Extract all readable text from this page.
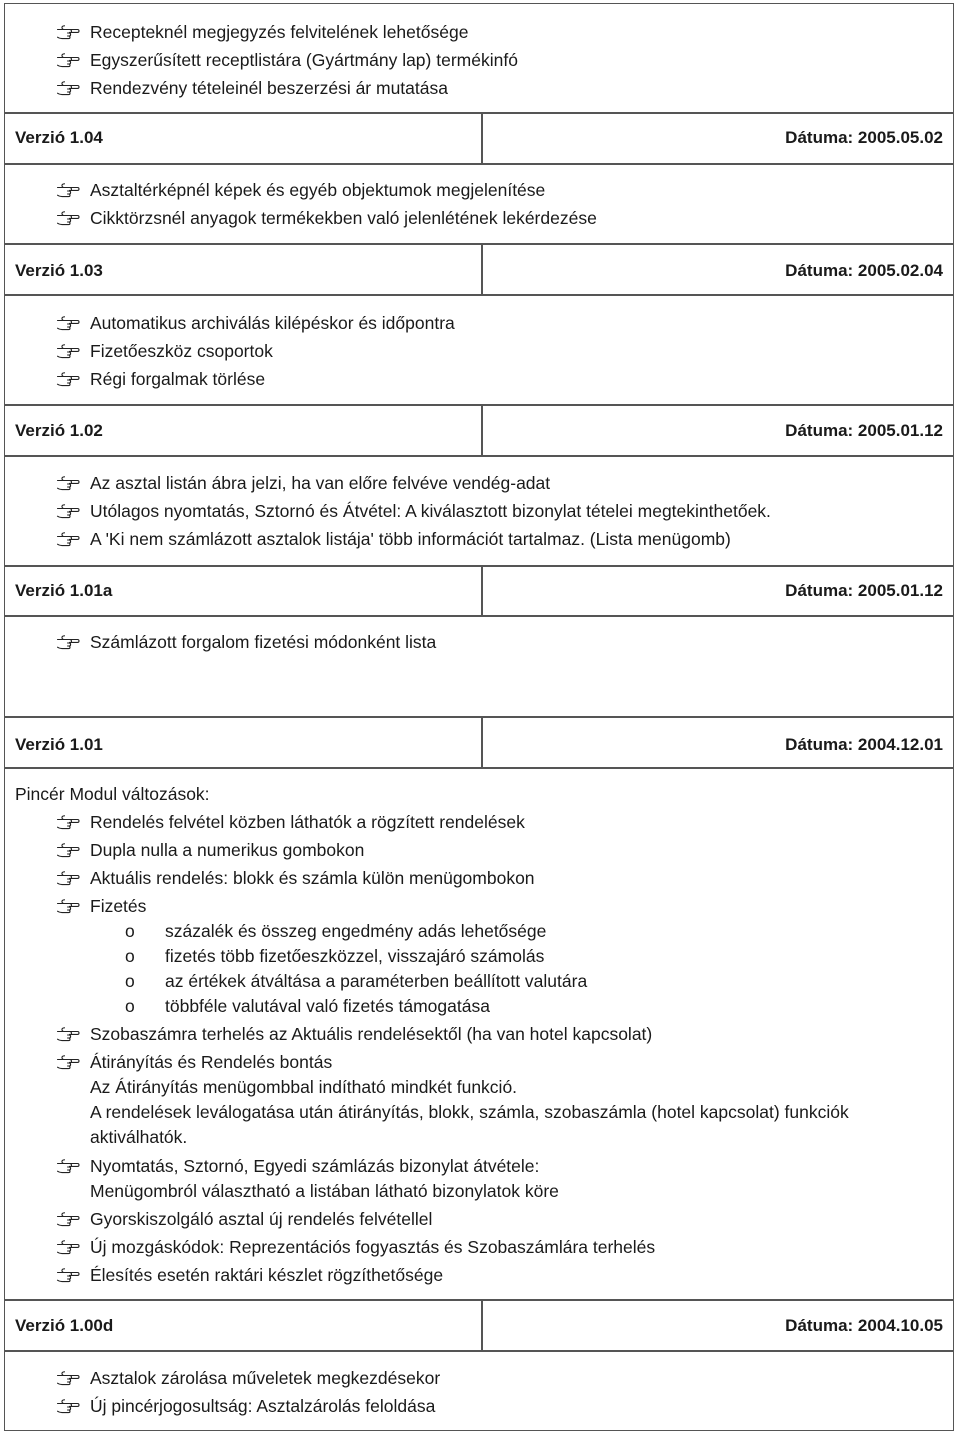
Recepteknél megjegyzés felvitelének lehetősége
Egyszerűsített receptlistára (Gyártmány lap) termékinfó
Rendezvény tételeinél beszerzési ár mutatása
Verzió 1.04	Dátuma: 2005.05.02
Asztaltérképnél képek és egyéb objektumok megjelenítése
Cikktörzsnél anyagok termékekben való jelenlétének lekérdezése
Verzió 1.03	Dátuma: 2005.02.04
Automatikus archiválás kilépéskor és időpontra
Fizetőeszköz csoportok
Régi forgalmak törlése
Verzió 1.02	Dátuma: 2005.01.12
Az asztal listán ábra jelzi, ha van előre felvéve vendég-adat
Utólagos nyomtatás, Sztornó és Átvétel: A kiválasztott bizonylat tételei megtekinthetőek.
A 'Ki nem számlázott asztalok listája' több információt tartalmaz. (Lista menügomb)
Verzió 1.01a	Dátuma: 2005.01.12
Számlázott forgalom fizetési módonként lista
Verzió 1.01	Dátuma: 2004.12.01
Pincér Modul változások:
Rendelés felvétel közben láthatók a rögzített rendelések
Dupla nulla a numerikus gombokon
Aktuális rendelés: blokk és számla külön menügombokon
Fizetés
o százalék és összeg engedmény adás lehetősége
o fizetés több fizetőeszközzel, visszajáró számolás
o az értékek átváltása a paraméterben beállított valutára
o többféle valutával való fizetés támogatása
Szobaszámra terhelés az Aktuális rendelésektől (ha van hotel kapcsolat)
Átirányítás és Rendelés bontás
Az Átirányítás menügombbal indítható mindkét funkció.
A rendelések leválogatása után átirányítás, blokk, számla, szobaszámla (hotel kapcsolat) funkciók
aktiválhatók.
Nyomtatás, Sztornó, Egyedi számlázás bizonylat átvétele:
Menügombról választható a listában látható bizonylatok köre
Gyorskiszolgáló asztal új rendelés felvétellel
Új mozgáskódok: Reprezentációs fogyasztás és Szobaszámlára terhelés
Élesítés esetén raktári készlet rögzíthetősége
Verzió 1.00d	Dátuma: 2004.10.05
Asztalok zárolása műveletek megkezdésekor
Új pincérjogosultság: Asztalzárolás feloldása
